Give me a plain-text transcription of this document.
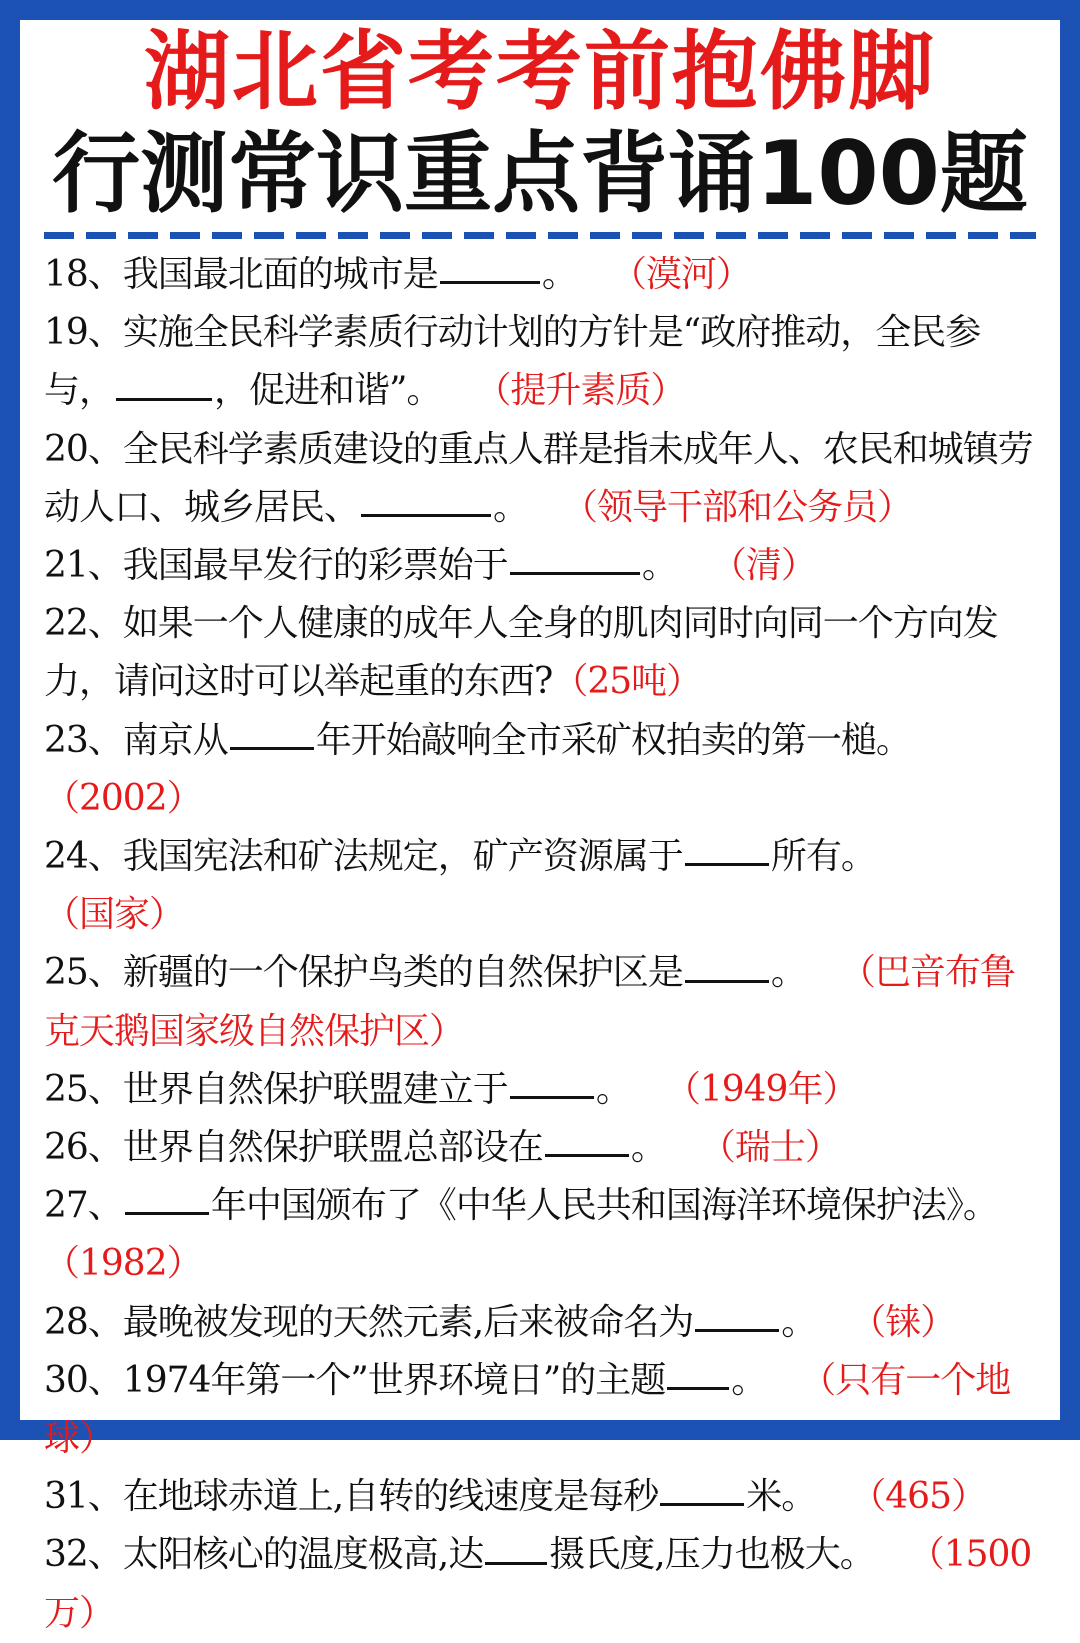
湖北省考考前抱佛脚
行测常识重点背诵100题

18、我国最北面的城市是	。 （漠河）

19、实施全民科学素质行动计划的方针是“政府推动，全民参与，	，促进和谐”。 （提升素质）

20、全民科学素质建设的重点人群是指未成年人、农民和城镇劳动人口、城乡居民、	。 （领导干部和公务员）

21、我国最早发行的彩票始于	。 （清）

22、如果一个人健康的成年人全身的肌肉同时向同一个方向发力，请问这时可以举起重的东西?（25吨）

23、南京从 年开始敲响全市采矿权拍卖的第一槌。（2002）

24、我国宪法和矿法规定，矿产资源属于 所有。（国家）

25、新疆的一个保护鸟类的自然保护区是 。 （巴音布鲁克天鹅国家级自然保护区）

25、世界自然保护联盟建立于 。 （1949年）

26、世界自然保护联盟总部设在 。 （瑞士）

27、 年中国颁布了《中华人民共和国海洋环境保护法》。（1982）

28、最晚被发现的天然元素,后来被命名为 。 （铼）

30、1974年第一个”世界环境日”的主题 。 （只有一个地球）

31、在地球赤道上,自转的线速度是每秒 米。 （465）

32、太阳核心的温度极高,达 摄氏度,压力也极大。 （1500万）
